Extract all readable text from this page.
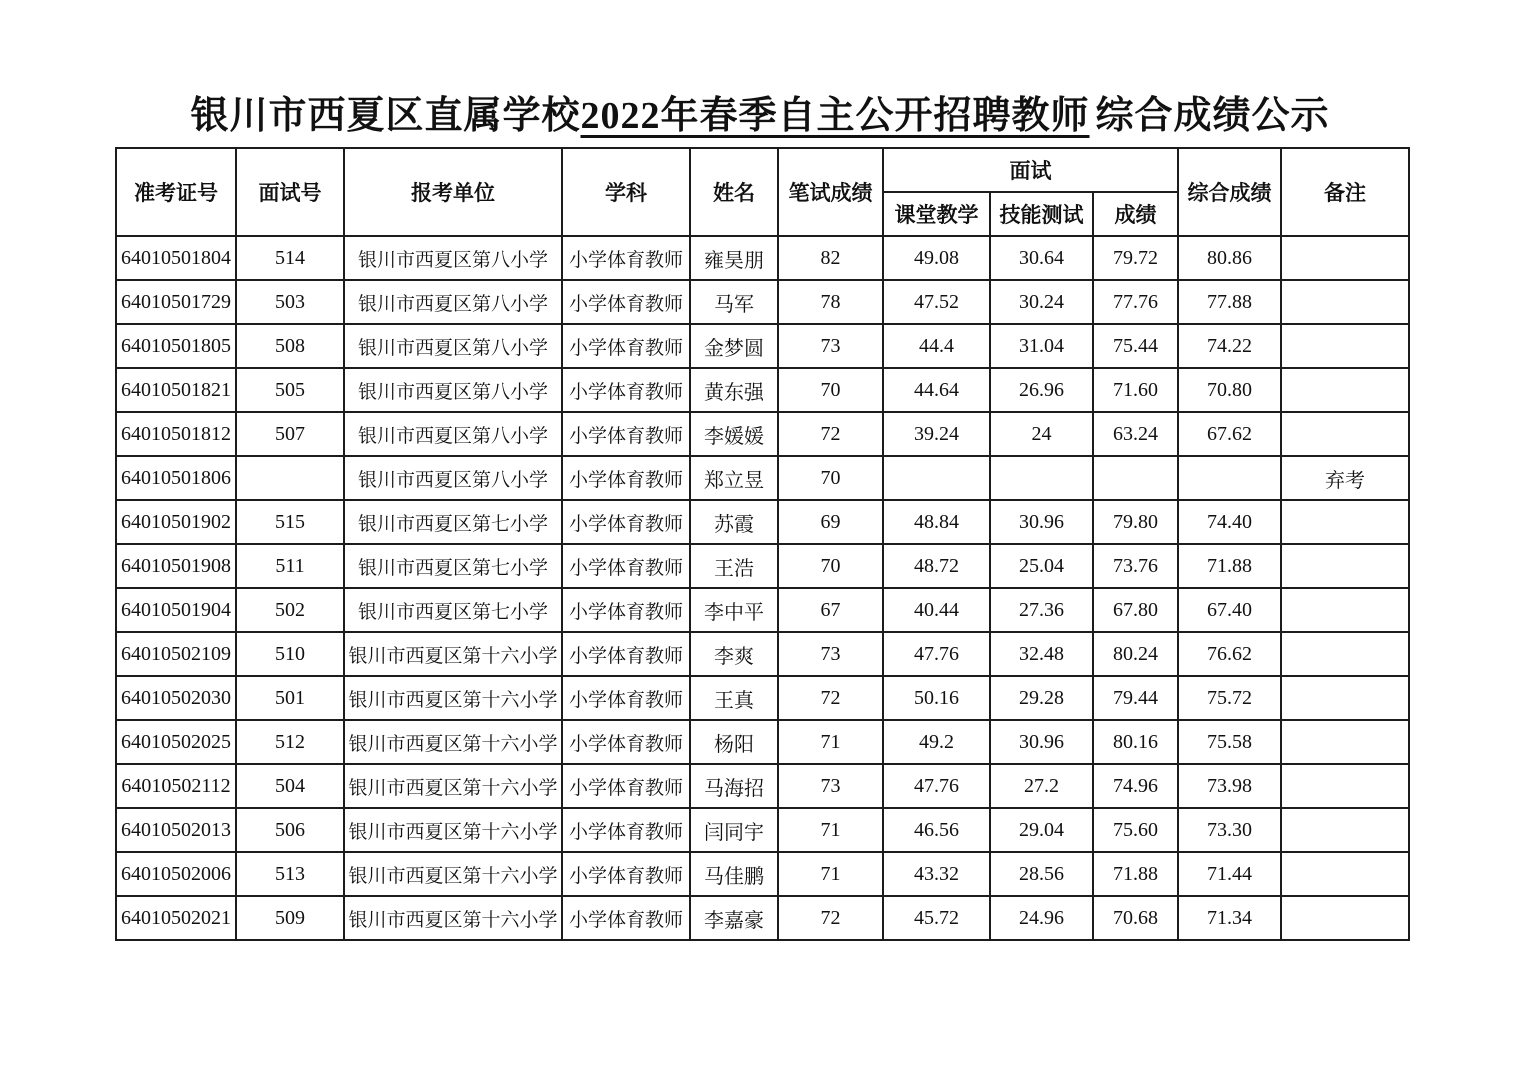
银川市西夏区直属学校2022年春季自主公开招聘教师 综合成绩公示
准考证号	面试号	报考单位	学科	姓名	笔试成绩	面试			综合成绩	备注
						课堂教学	技能测试	成绩		
64010501804	514	银川市西夏区第八小学	小学体育教师	雍昊朋	82	49.08	30.64	79.72	80.86	
64010501729	503	银川市西夏区第八小学	小学体育教师	马军	78	47.52	30.24	77.76	77.88	
64010501805	508	银川市西夏区第八小学	小学体育教师	金梦圆	73	44.4	31.04	75.44	74.22	
64010501821	505	银川市西夏区第八小学	小学体育教师	黄东强	70	44.64	26.96	71.60	70.80	
64010501812	507	银川市西夏区第八小学	小学体育教师	李媛媛	72	39.24	24	63.24	67.62	
64010501806		银川市西夏区第八小学	小学体育教师	郑立昱	70					弃考
64010501902	515	银川市西夏区第七小学	小学体育教师	苏霞	69	48.84	30.96	79.80	74.40	
64010501908	511	银川市西夏区第七小学	小学体育教师	王浩	70	48.72	25.04	73.76	71.88	
64010501904	502	银川市西夏区第七小学	小学体育教师	李中平	67	40.44	27.36	67.80	67.40	
64010502109	510	银川市西夏区第十六小学	小学体育教师	李爽	73	47.76	32.48	80.24	76.62	
64010502030	501	银川市西夏区第十六小学	小学体育教师	王真	72	50.16	29.28	79.44	75.72	
64010502025	512	银川市西夏区第十六小学	小学体育教师	杨阳	71	49.2	30.96	80.16	75.58	
64010502112	504	银川市西夏区第十六小学	小学体育教师	马海招	73	47.76	27.2	74.96	73.98	
64010502013	506	银川市西夏区第十六小学	小学体育教师	闫同宇	71	46.56	29.04	75.60	73.30	
64010502006	513	银川市西夏区第十六小学	小学体育教师	马佳鹏	71	43.32	28.56	71.88	71.44	
64010502021	509	银川市西夏区第十六小学	小学体育教师	李嘉豪	72	45.72	24.96	70.68	71.34	
